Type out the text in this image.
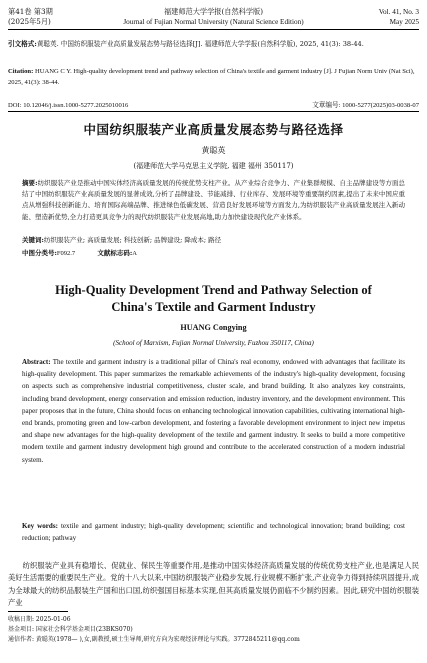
第41卷 第3期
(2025年5月)
福建师范大学学报(自然科学版)
Journal of Fujian Normal University (Natural Science Edition)
Vol. 41, No. 3
May 2025
引文格式:黄聪英. 中国纺织服装产业高质量发展态势与路径选择[J]. 福建师范大学学报(自然科学版), 2025, 41(3): 38-44.
Citation: HUANG C Y. High-quality development trend and pathway selection of China's textile and garment industry [J]. J Fujian Norm Univ (Nat Sci), 2025, 41(3): 38-44.
DOI: 10.12046/j.issn.1000-5277.2025010016	文章编号: 1000-5277(2025)03-0038-07
中国纺织服装产业高质量发展态势与路径选择
黄聪英
(福建师范大学马克思主义学院, 福建 福州 350117)
摘要:纺织服装产业是推动中国实体经济高质量发展的传统优势支柱产业。从产业综合竞争力、产业集群规模、自主品牌建设等方面总结了中国纺织服装产业高质量发展的显著成效,分析了品牌建设、节能减排、行业库存、发展环境等重要制约因素,提出了未来中国应重点从增强科技创新能力、培育国际高端品牌、推进绿色低碳发展、营造良好发展环境等方面发力,为纺织服装产业高质量发展注入新动能、塑造新优势,全力打造更具竞争力的现代纺织服装产业发展高地,助力加快建设现代化产业体系。
关键词:纺织服装产业; 高质量发展; 科技创新; 品牌建设; 降成本; 路径
中图分类号:F092.7	文献标志码:A
High-Quality Development Trend and Pathway Selection of
China's Textile and Garment Industry
HUANG Congying
(School of Marxism, Fujian Normal University, Fuzhou 350117, China)
Abstract: The textile and garment industry is a traditional pillar of China's real economy, endowed with advantages that facilitate its high-quality development. This paper summarizes the remarkable achievements of the industry's high-quality development, focusing on aspects such as comprehensive industrial competitiveness, cluster scale, and brand building. It also analyzes key constraints, including brand development, energy conservation and emission reduction, industry inventory, and the development environment. This paper proposes that in the future, China should focus on enhancing technological innovation capabilities, cultivating international high-end brands, promoting green and low-carbon development, and fostering a favorable development environment to inject new impetus and shape new advantages for the high-quality development of the textile and garment industry. It seeks to build a more competitive modern textile and garment industry development high ground and contribute to the accelerated construction of a modern industrial system.
Key words: textile and garment industry; high-quality development; scientific and technological innovation; brand building; cost reduction; pathway
纺织服装产业具有稳增长、促就业、保民生等重要作用,是推动中国实体经济高质量发展的传统优势支柱产业,也是满足人民美好生活需要的重要民生产业。党的十八大以来,中国纺织服装产业稳步发展,行业规模不断扩张,产业竞争力得到持续巩固提升,成为全球最大的纺织品服装生产国和出口国,纺织强国目标基本实现,但其高质量发展仍面临不少制约因素。因此,研究中国纺织服装产业
收稿日期: 2025-01-06
基金项目: 国家社会科学基金项目(23BKS070)
通信作者: 黄聪英(1978— ),女,副教授,硕士生导师,研究方向为宏观经济理论与实践。3772845211@qq.com
